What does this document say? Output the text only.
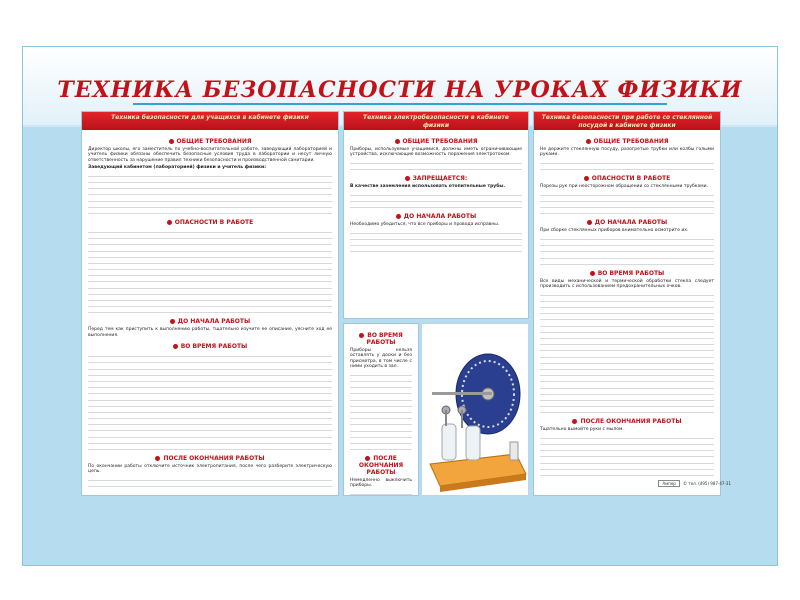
ТЕХНИКА БЕЗОПАСНОСТИ НА УРОКАХ ФИЗИКИ
Техника безопасности для учащихся в кабинете физики
ОБЩИЕ ТРЕБОВАНИЯ
Директор школы, его заместитель по учебно-воспитательной работе, заведующий лабораторией и учитель физики обязаны обеспечить безопасные условия труда в лаборатории и несут личную ответственность за нарушение правил техники безопасности и производственной санитарии.
Заведующий кабинетом (лабораторией) физики и учитель физики:
ОПАСНОСТИ В РАБОТЕ
ДО НАЧАЛА РАБОТЫ
Перед тем как приступить к выполнению работы, тщательно изучите ее описание, уясните ход ее выполнения.
ВО ВРЕМЯ РАБОТЫ
ПОСЛЕ ОКОНЧАНИЯ РАБОТЫ
По окончании работы отключите источник электропитания, после чего разберите электрическую цепь.
Техника электробезопасности в кабинете физики
ОБЩИЕ ТРЕБОВАНИЯ
Приборы, используемые учащимися, должны иметь ограничивающие устройства, исключающие возможность поражения электротоком.
ЗАПРЕЩАЕТСЯ:
В качестве заземления использовать отопительные трубы.
ДО НАЧАЛА РАБОТЫ
Необходимо убедиться, что все приборы и провода исправны.
ВО ВРЕМЯ РАБОТЫ
Приборы нельзя оставлять у доски и без присмотра, в том числе с ними уходить в зал.
ПОСЛЕ ОКОНЧАНИЯ РАБОТЫ
Немедленно выключить приборы.
Техника безопасности при работе со стеклянной посудой в кабинете физики
ОБЩИЕ ТРЕБОВАНИЯ
Не держите стеклянную посуду, разогретые трубки или колбы голыми руками.
ОПАСНОСТИ В РАБОТЕ
Порезы рук при неосторожном обращении со стеклянными трубками.
ДО НАЧАЛА РАБОТЫ
При сборке стеклянных приборов внимательно осмотрите их.
ВО ВРЕМЯ РАБОТЫ
Все виды механической и термической обработки стекла следует производить с использованием предохранительных очков.
ПОСЛЕ ОКОНЧАНИЯ РАБОТЫ
Тщательно вымойте руки с мылом.
Ампер © тел. (495) 987-47-31
